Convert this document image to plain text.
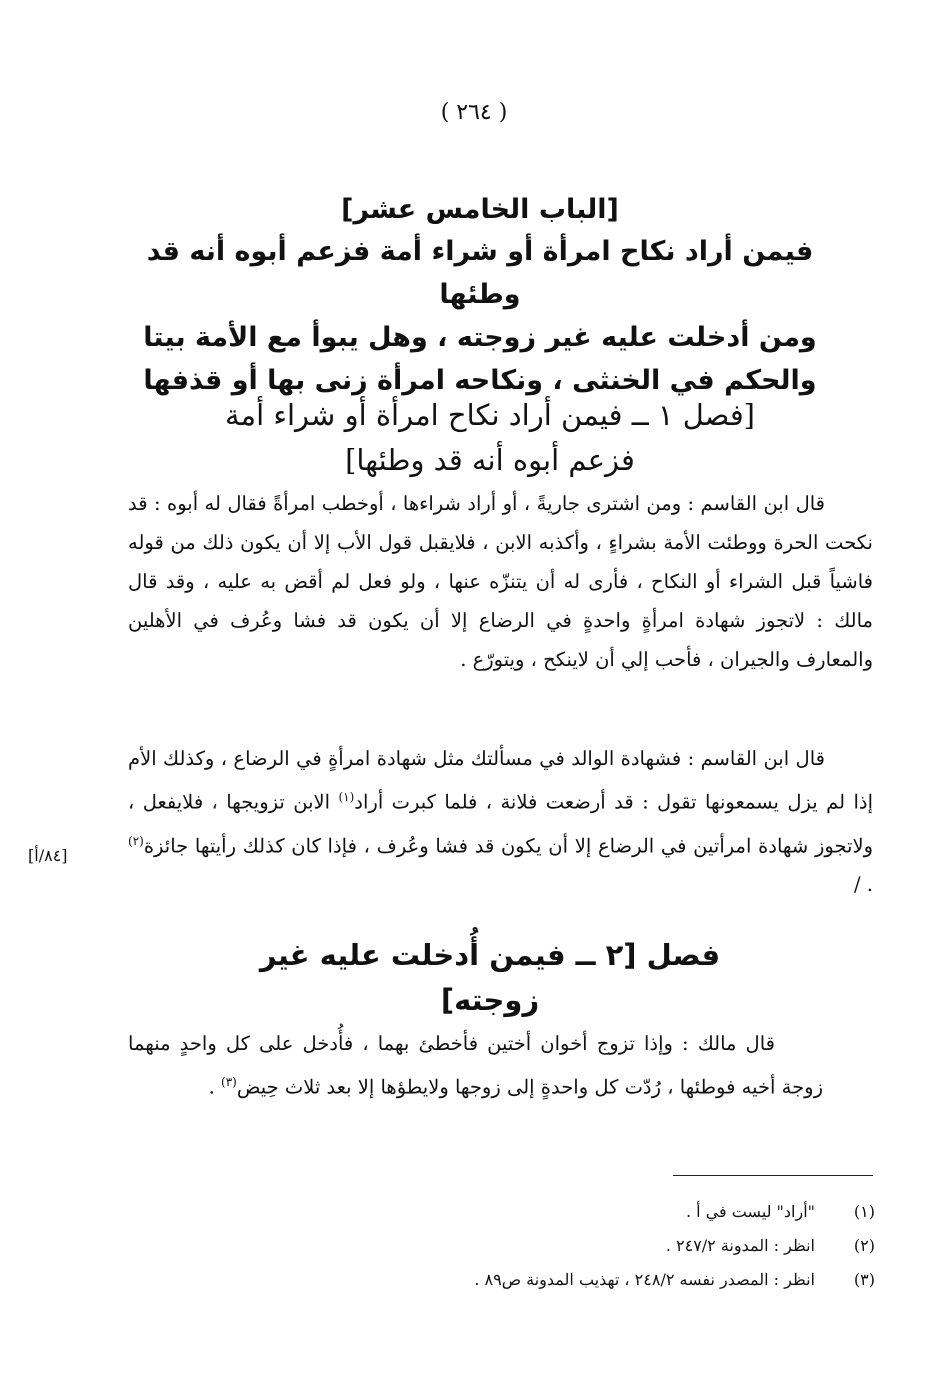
( ٢٦٤ )
[الباب الخامس عشر]
فيمن أراد نكاح امرأة أو شراء أمة فزعم أبوه أنه قد وطئها
ومن أدخلت عليه غير زوجته ، وهل يبوأ مع الأمة بيتا
والحكم في الخنثى ، ونكاحه امرأة زنى بها أو قذفها
[فصل ١ ــ فيمن أراد نكاح امرأة أو شراء أمة
فزعم أبوه أنه قد وطئها]

قال ابن القاسم : ومن اشترى جاريةً ، أو أراد شراءها ، أوخطب امرأةً فقال له أبوه : قد نكحت الحرة ووطئت الأمة بشراءٍ ، وأكذبه الابن ، فلايقبل قول الأب إلا أن يكون ذلك من قوله فاشياً قبل الشراء أو النكاح ، فأرى له أن يتنزّه عنها ، ولو فعل لم أقض به عليه ، وقد قال مالك : لاتجوز شهادة امرأةٍ واحدةٍ في الرضاع إلا أن يكون قد فشا وعُرف في الأهلين والمعارف والجيران ، فأحب إلي أن لاينكح ، ويتورّع .

قال ابن القاسم : فشهادة الوالد في مسألتك مثل شهادة امرأةٍ في الرضاع ، وكذلك الأم إذا لم يزل يسمعونها تقول : قد أرضعت فلانة ، فلما كبرت أراد$^{(١)}$ الابن تزويجها ، فلايفعل ، ولاتجوز شهادة امرأتين في الرضاع إلا أن يكون قد فشا وعُرف ، فإذا كان كذلك رأيتها جائزة$^{(٢)}$ . /

[٨٤/أ]
فصل [٢ ــ فيمن أُدخلت عليه غير زوجته]

قال مالك : وإذا تزوج أخوان أختين فأخطئ بهما ، فأُدخل على كل واحدٍ منهما زوجة أخيه فوطئها ، رُدّت كل واحدةٍ إلى زوجها ولايطؤها إلا بعد ثلاث حِيض$^{(٣)}$ .

(١)
"أراد" ليست في أ .
(٢)
انظر : المدونة ٢٤٧/٢ .
(٣)
انظر : المصدر نفسه ٢٤٨/٢ ، تهذيب المدونة ص٨٩ .
